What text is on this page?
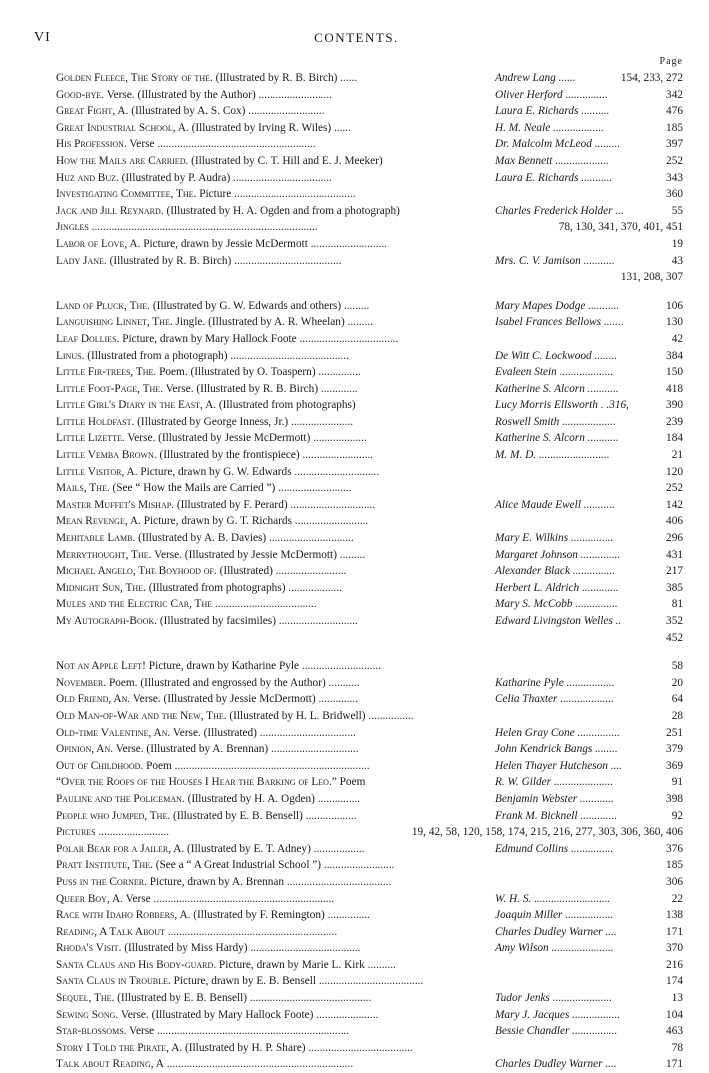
VI	CONTENTS.
Page
Golden Fleece, The Story of the. (Illustrated by R. B. Birch) ......	Andrew Lang ......	154, 233, 272
Good-bye. Verse. (Illustrated by the Author) ..........................	Oliver Herford ...............	342
Great Fight, A. (Illustrated by A. S. Cox) ...........................	Laura E. Richards ..........	476
Great Industrial School, A. (Illustrated by Irving R. Wiles) ......	H. M. Neale ..................	185
His Profession. Verse ........................................................	Dr. Malcolm McLeod .........	397
How the Mails are Carried. (Illustrated by C. T. Hill and E. J. Meeker)	Max Bennett ...................	252
Huz and Buz. (Illustrated by P. Audra) ...................................	Laura E. Richards ...........	343
Investigating Committee, The. Picture ...........................................	360
Jack and Jill Reynard. (Illustrated by H. A. Ogden and from a photograph)	Charles Frederick Holder ...	55
Jingles ................................................................................	78, 130, 341, 370, 401, 451
Labor of Love, A. Picture, drawn by Jessie McDermott ...........................	19
Lady Jane. (Illustrated by R. B. Birch) ......................................	Mrs. C. V. Jamison ...........	43
131, 208, 307
Land of Pluck, The. (Illustrated by G. W. Edwards and others) .........	Mary Mapes Dodge ...........	106
Languishing Linnet, The. Jingle. (Illustrated by A. R. Wheelan) .........	Isabel Frances Bellows .......	130
Leaf Dollies. Picture, drawn by Mary Hallock Foote ...................................	42
Linus. (Illustrated from a photograph) ..........................................	De Witt C. Lockwood ........	384
Little Fir-trees, The. Poem. (Illustrated by O. Toaspern) ...............	Evaleen Stein ...................	150
Little Foot-Page, The. Verse. (Illustrated by R. B. Birch) .............	Katherine S. Alcorn ...........	418
Little Girl's Diary in the East, A. (Illustrated from photographs)	Lucy Morris Ellsworth . .316,	390
Little Holdfast. (Illustrated by George Inness, Jr.) ......................	Roswell Smith ...................	239
Little Lizette. Verse. (Illustrated by Jessie McDermott) ...................	Katherine S. Alcorn ...........	184
Little Vemba Brown. (Illustrated by the frontispiece) .........................	M. M. D. .........................	21
Little Visitor, A. Picture, drawn by G. W. Edwards ..............................	120
Mails, The. (See “ How the Mails are Carried ”) ..........................	252
Master Muffet's Mishap. (Illustrated by F. Perard) ..............................	Alice Maude Ewell ...........	142
Mean Revenge, A. Picture, drawn by G. T. Richards ..........................	406
Mehitable Lamb. (Illustrated by A. B. Davies) ..............................	Mary E. Wilkins ...............	296
Merrythought, The. Verse. (Illustrated by Jessie McDermott) .........	Margaret Johnson ..............	431
Michael Angelo, The Boyhood of. (Illustrated) .........................	Alexander Black ...............	217
Midnight Sun, The. (Illustrated from photographs) ...................	Herbert L. Aldrich .............	385
Mules and the Electric Car, The ....................................	Mary S. McCobb ...............	81
My Autograph-Book. (Illustrated by facsimiles) ............................	Edward Livingston Welles ..	352
452
Not an Apple Left! Picture, drawn by Katharine Pyle ............................	58
November. Poem. (Illustrated and engrossed by the Author) ...........	Katharine Pyle .................	20
Old Friend, An. Verse. (Illustrated by Jessie McDermott) ..............	Celia Thaxter ...................	64
Old Man-of-War and the New, The. (Illustrated by H. L. Bridwell) ................	28
Old-time Valentine, An. Verse. (Illustrated) ..................................	Helen Gray Cone ...............	251
Opinion, An. Verse. (Illustrated by A. Brennan) ...............................	John Kendrick Bangs ........	379
Out of Childhood. Poem .....................................................................	Helen Thayer Hutcheson ....	369
“Over the Roofs of the Houses I Hear the Barking of Leo.” Poem	R. W. Gilder .....................	91
Pauline and the Policeman. (Illustrated by H. A. Ogden) ...............	Benjamin Webster ............	398
People who Jumped, The. (Illustrated by E. B. Bensell) ..................	Frank M. Bicknell .............	92
Pictures .........................	19, 42, 58, 120, 158, 174, 215, 216, 277, 303, 306, 360, 406
Polar Bear for a Jailer, A. (Illustrated by E. T. Adney) ..................	Edmund Collins ...............	376
Pratt Institute, The. (See a “ A Great Industrial School ”) .........................	185
Puss in the Corner. Picture, drawn by A. Brennan .....................................	306
Queer Boy, A. Verse ................................................................	W. H. S. ...........................	22
Race with Idaho Robbers, A. (Illustrated by F. Remington) ...............	Joaquin Miller .................	138
Reading, A Talk About ............................................................	Charles Dudley Warner ....	171
Rhoda's Visit. (Illustrated by Miss Hardy) .......................................	Amy Wilson ......................	370
Santa Claus and His Body-guard. Picture, drawn by Marie L. Kirk ..........	216
Santa Claus in Trouble. Picture, drawn by E. B. Bensell .....................................	174
Sequel, The. (Illustrated by E. B. Bensell) ...........................................	Tudor Jenks .....................	13
Sewing Song. Verse. (Illustrated by Mary Hallock Foote) ......................	Mary J. Jacques .................	104
Star-blossoms. Verse ....................................................................	Bessie Chandler ................	463
Story I Told the Pirate, A. (Illustrated by H. P. Share) .....................................	78
Talk about Reading, A ..................................................................	Charles Dudley Warner ....	171
